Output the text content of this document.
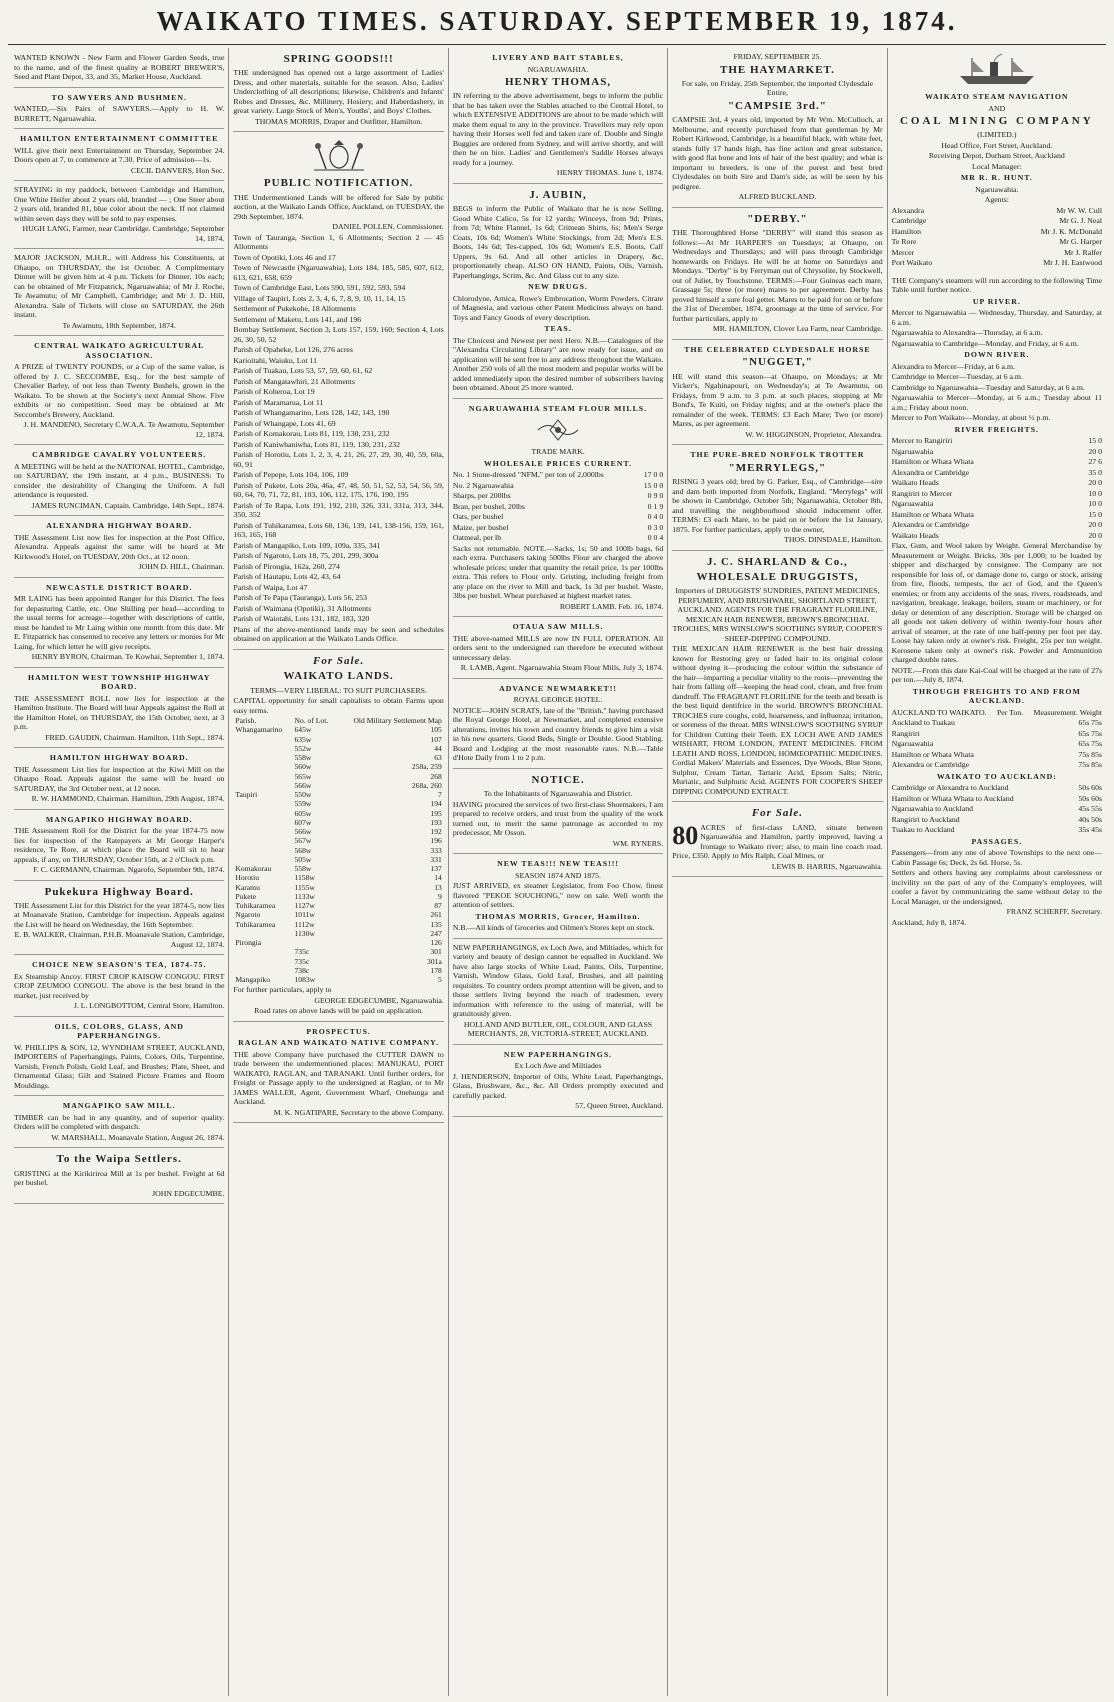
WAIKATO TIMES. SATURDAY. SEPTEMBER 19, 1874.
WANTED KNOWN - New Farm and Flower Garden Seeds, true to the name, and of the finest quality at ROBERT BREWER'S, Seed and Plant Depot, 33, and 35, Market House, Auckland.
TO SAWYERS AND BUSHMEN.
WANTED,—Six Pairs of SAWYERS.—Apply to H. W. BURRETT, Ngaruawahia.
HAMILTON ENTERTAINMENT COMMITTEE
WILL give their next Entertainment on Thursday, September 24. Doors open at 7, to commence at 7.30. Price of admission—1s.
CECIL DANVERS, Hon Sec.
STRAYING in my paddock, between Cambridge and Hamilton, One White Heifer about 2 years old, branded — ; One Steer about 2 years old, branded 81, blue color about the neck. If not claimed within seven days they will be sold to pay expenses.
HUGH LANG, Farmer, near Cambridge. Cambridge, September 14, 1874.
MAJOR JACKSON, M.H.R., will Address his Constituents, at Ohaupo, on THURSDAY, the 1st October. A Complimentary Dinner will be given him at 4 p.m. Tickets for Dinner, 10s each; can be obtained of Mr Fitzpatrick, Ngaruawahia; of Mr J. Roche, Te Awamutu; of Mr Campbell, Cambridge; and Mr J. D. Hill, Alexandra. Sale of Tickets will close on SATURDAY, the 26th instant.
Te Awamutu, 18th September, 1874.
CENTRAL WAIKATO AGRICULTURAL ASSOCIATION.
A PRIZE of TWENTY POUNDS, or a Cup of the same value, is offered by J. C. SECCOMBE, Esq., for the best sample of Chevalier Barley, of not less than Twenty Bushels, grown in the Waikato. To be shown at the Society's next Annual Show. Five exhibits or no competition. Seed may be obtained at Mr Seccombe's Brewery, Auckland.
J. H. MANDENO, Secretary C.W.A.A. Te Awamutu, September 12, 1874.
CAMBRIDGE CAVALRY VOLUNTEERS.
A MEETING will be held at the NATIONAL HOTEL, Cambridge, on SATURDAY, the 19th instant, at 4 p.m., BUSINESS: To consider the desirability of Changing the Uniform. A full attendance is requested.
JAMES RUNCIMAN, Captain. Cambridge, 14th Sept., 1874.
ALEXANDRA HIGHWAY BOARD.
THE Assessment List now lies for inspection at the Post Office, Alexandra. Appeals against the same will be heard at Mr Kirkwood's Hotel, on TUESDAY, 20th Oct., at 12 noon.
JOHN D. HILL, Chairman.
NEWCASTLE DISTRICT BOARD.
MR LAING has been appointed Ranger for this District. The fees for depasturing Cattle, etc. One Shilling per head—according to the usual terms for acreage—together with descriptions of cattle, must be handed to Mr Laing within one month from this date. Mr E. Fitzpatrick has consented to receive any letters or monies for Mr Laing, for which letter he will give receipts.
HENRY BYRON, Chairman. Te Kowhai, September 1, 1874.
HAMILTON WEST TOWNSHIP HIGHWAY BOARD.
THE ASSESSMENT ROLL now lies for inspection at the Hamilton Institute. The Board will hear Appeals against the Roll at the Hamilton Hotel, on THURSDAY, the 15th October, next, at 3 p.m.
FRED. GAUDIN, Chairman. Hamilton, 11th Sept., 1874.
HAMILTON HIGHWAY BOARD.
THE Assessment List lies for inspection at the Kiwi Mill on the Ohaupo Road. Appeals against the same will be heard on SATURDAY, the 3rd October next, at 12 noon.
R. W. HAMMOND, Chairman. Hamilton, 29th August, 1874.
MANGAPIKO HIGHWAY BOARD.
THE Assessment Roll for the District for the year 1874-75 now lies for inspection of the Ratepayers at Mr George Harper's residence, Te Rore, at which place the Board will sit to hear appeals, if any, on THURSDAY, October 15th, at 2 o'Clock p.m.
F. C. GERMANN, Chairman. Ngarofo, September 9th, 1874.
Pukekura Highway Board.
THE Assessment List for this District for the year 1874-5, now lies at Moanavale Station, Cambridge for inspection. Appeals against the List will be heard on Wednesday, the 16th September.
E. B. WALKER, Chairman, P.H.B. Moanavale Station, Cambridge, August 12, 1874.
CHOICE NEW SEASON'S TEA, 1874-75.
Ex Steamship Ancoy. FIRST CROP KAISOW CONGOU. FIRST CROP ZEUMOO CONGOU. The above is the best brand in the market, just received by
J. L. LONGBOTTOM, Central Store, Hamilton.
OILS, COLORS, GLASS, AND PAPERHANGINGS.
W. PHILLIPS & SON, 12, WYNDHAM STREET, AUCKLAND, IMPORTERS of Paperhangings, Paints, Colors, Oils, Turpentine, Varnish, French Polish, Gold Leaf, and Brushes; Plate, Sheet, and Ornamental Glass; Gilt and Stained Picture Frames and Room Mouldings.
MANGAPIKO SAW MILL.
TIMBER can be had in any quantity, and of superior quality. Orders will be completed with despatch.
W. MARSHALL. Moanavale Station, August 26, 1874.
To the Waipa Settlers.
GRISTING at the Kirikiriroa Mill at 1s per bushel. Freight at 6d per bushel.
JOHN EDGECUMBE.
SPRING GOODS!!!
THE undersigned has opened out a large assortment of Ladies' Dress, and other materials, suitable for the season. Also, Ladies' Underclothing of all descriptions; likewise, Children's and Infants' Robes and Dresses, &c. Millinery, Hosiery, and Haberdashery, in great variety. Large Stock of Men's, Youths', and Boys' Clothes.
THOMAS MORRIS, Draper and Outfitter, Hamilton.
PUBLIC NOTIFICATION.
THE Undermentioned Lands will be offered for Sale by public auction, at the Waikato Lands Office, Auckland, on TUESDAY, the 29th September, 1874.
DANIEL POLLEN, Commissioner.
Town of Tauranga, Section 1, 6 Allotments; Section 2 — 45 Allotments
Town of Opotiki, Lots 46 and 17
Town of Newcastle (Ngaruawahia), Lots 184, 185, 585, 607, 612, 613, 621, 658, 659
Town of Cambridge East, Lots 590, 591, 592, 593, 594
Village of Taupiri, Lots 2, 3, 4, 6, 7, 8, 9, 10, 11, 14, 15
Settlement of Pukekohe, 18 Allotments
Settlement of Maketu, Lots 141, and 196
Bombay Settlement, Section 3, Lots 157, 159, 160; Section 4, Lots 26, 30, 50, 52
Parish of Opaheke, Lot 126, 276 acres
Karioitahi, Waiuku, Lot 11
Parish of Tuakau, Lots 53, 57, 59, 60, 61, 62
Parish of Mangatawhiri, 21 Allotments
Parish of Koheroa, Lot 19
Parish of Maramarua, Lot 11
Parish of Whangamarino, Lots 128, 142, 143, 190
Parish of Whangape, Lots 41, 69
Parish of Komakorau, Lots 81, 119, 130, 231, 232
Parish of Kaniwhaniwha, Lots 81, 119, 130, 231, 232
Parish of Horotiu, Lots 1, 2, 3, 4, 21, 26, 27, 29, 30, 40, 59, 60a, 60, 91
Parish of Pepepe, Lots 104, 106, 109
Parish of Pukete, Lots 20a, 46a, 47, 48, 50, 51, 52, 53, 54, 56, 59, 60, 64, 70, 71, 72, 81, 103, 106, 112, 175, 176, 190, 195
Parish of Te Rapa, Lots 191, 192, 210, 326, 331, 331a, 313, 344, 350, 352
Parish of Tuhikaramea, Lots 60, 136, 139, 141, 138-156, 159, 161, 163, 165, 168
Parish of Mangapiko, Lots 109, 109a, 335, 341
Parish of Ngaroto, Lots 18, 75, 201, 299, 300a
Parish of Pirongia, 162a, 260, 274
Parish of Hautapu, Lots 42, 43, 64
Parish of Waipa, Lot 47
Parish of Te Papa (Tauranga), Lots 56, 253
Parish of Waimana (Opotiki), 31 Allotments
Parish of Waiotahi, Lots 131, 182, 183, 320
Plans of the above-mentioned lands may be seen and schedules obtained on application at the Waikato Lands Office.
For Sale.
WAIKATO LANDS.
TERMS—VERY LIBERAL: TO SUIT PURCHASERS.
CAPITAL opportunity for small capitalists to obtain Farms upon easy terms.
Parish.	No. of Lot.	Old Military Settlement Map
Whangamarino	645w	105
	635w	107
	552w	44
	558w	63
	560w	258a, 259
	565w	268
	566w	268a, 260
Taupiri	550w	7
	559w	194
	605w	195
	607w	193
	566w	192
	567w	196
	568w	333
	505w	331
Komakorau	558w	137
Horotiu	1158w	14
Karamu	1155w	13
Pukete	1133w	9
Tuhikaramea	1127w	87
Ngaroto	1011w	261
Tuhikaramea	1112w	135
	1130w	247
Pirongia		126
	735c	301
	735c	301a
	738c	178
Mangapiko	1083w	5
For further particulars, apply to
GEORGE EDGECUMBE, Ngaruawahia.
Road rates on above lands will be paid on application.
PROSPECTUS.
RAGLAN AND WAIKATO NATIVE COMPANY.
THE above Company have purchased the CUTTER DAWN to trade between the undermentioned places: MANUKAU, PORT WAIKATO, RAGLAN, and TARANAKI. Until further orders, for Freight or Passage apply to the undersigned at Raglan, or to Mr JAMES WALLER, Agent, Government Wharf, Onehunga and Auckland.
M. K. NGATIPARE, Secretary to the above Company.
LIVERY AND BAIT STABLES,
NGARUAWAHIA.
HENRY THOMAS,
IN referring to the above advertisement, begs to inform the public that he has taken over the Stables attached to the Central Hotel, to which EXTENSIVE ADDITIONS are about to be made which will make them equal to any in the province. Travellers may rely upon having their Horses well fed and taken care of. Double and Single Buggies are ordered from Sydney, and will arrive shortly, and will then be on hire. Ladies' and Gentlemen's Saddle Horses always ready for a journey.
HENRY THOMAS. June 1, 1874.
J. AUBIN,
BEGS to inform the Public of Waikato that he is now Selling, Good White Calico, 5s for 12 yards; Winceys, from 9d; Prints, from 7d; White Flannel, 1s 6d; Crimean Shirts, 6s; Men's Serge Coats, 10s 6d; Women's White Stockings, from 2d; Men's E.S. Boots, 14s 6d; Tes-capped, 10s 6d; Women's E.S. Boots, Calf Uppers, 9s 6d. And all other articles in Drapery, &c, proportionately cheap. ALSO ON HAND, Paints, Oils, Varnish, Paperhangings, Scrim, &c. And Glass cut to any size.
NEW DRUGS.
Chlorodyne, Arnica, Rowe's Embrocation, Worm Powders, Citrate of Magnesia, and various other Patent Medicines always on hand. Toys and Fancy Goods of every description.
TEAS.
The Choicest and Newest per next Hero. N.B.—Catalogues of the "Alexandra Circulating Library" are now ready for issue, and on application will be sent free to any address throughout the Waikato. Another 250 vols of all the most modern and popular works will be added immediately upon the desired number of subscribers having been obtained. About 25 more wanted.
NGARUAWAHIA STEAM FLOUR MILLS.
TRADE MARK.
WHOLESALE PRICES CURRENT.
No. 1 Stone-dressed "NFM," per ton of 2,000lbs	17 0 0
No. 2 Ngaruawahia	15 0 0
Sharps, per 200lbs	0 9 0
Bran, per bushel, 20lbs	0 1 9
Oats, per bushel	0 4 0
Maize, per bushel	0 3 0
Oatmeal, per lb	0 0 4
Sacks not returnable. NOTE.—Sacks, 1s; 50 and 100lb bags, 6d each extra. Purchasers taking 500lbs Flour are charged the above wholesale prices; under that quantity the retail price, 1s per 100lbs extra. This refers to Flour only. Gristing, including freight from any place on the river to Mill and back, 1s 3d per bushel. Waste, 3lbs per bushel. Wheat purchased at highest market rates.
ROBERT LAMB. Feb. 16, 1874.
OTAUA SAW MILLS.
THE above-named MILLS are now IN FULL OPERATION. All orders sent to the undersigned can therefore be executed without unnecessary delay.
R. LAMB, Agent. Ngaruawahia Steam Flour Mills, July 3, 1874.
ADVANCE NEWMARKET!!
ROYAL GEORGE HOTEL.
NOTICE—JOHN SCRATS, late of the "British," having purchased the Royal George Hotel, at Newmarket, and completed extensive alterations, invites his town and country friends to give him a visit in his new quarters. Good Beds, Single or Double. Good Stabling. Board and Lodging at the most reasonable rates. N.B.—Table d'Hote Daily from 1 to 2 p.m.
NOTICE.
To the Inhabitants of Ngaruawahia and District.
HAVING procured the services of two first-class Shoemakers, I am prepared to receive orders, and trust from the quality of the work turned out, to merit the same patronage as accorded to my predecessor, Mr Osson.
WM. RYNERS.
NEW TEAS!!! NEW TEAS!!!
SEASON 1874 AND 1875.
JUST ARRIVED, ex steamer Legislator, from Foo Chow, finest flavored "PEKOE SOUCHONG," now on sale. Well worth the attention of settlers.
THOMAS MORRIS, Grocer, Hamilton.
N.B.—All kinds of Groceries and Oilmen's Stores kept on stock.
NEW PAPERHANGINGS, ex Loch Awe, and Miltiades, which for variety and beauty of design cannot be equalled in Auckland. We have also large stocks of White Lead, Paints, Oils, Turpentine, Varnish, Window Glass, Gold Leaf, Brushes, and all painting requisites. To country orders prompt attention will be given, and to those settlers living beyond the reach of tradesmen, every information with reference to the using of material, will be gratuitously given.
HOLLAND AND BUTLER, OIL, COLOUR, AND GLASS MERCHANTS, 28, VICTORIA-STREET, AUCKLAND.
NEW PAPERHANGINGS.
Ex Loch Awe and Miltiades
J. HENDERSON, Importer of Oils, White Lead, Paperhangings, Glass, Brushware, &c., &c. All Orders promptly executed and carefully packed.
57, Queen Street, Auckland.
FRIDAY, SEPTEMBER 25.
THE HAYMARKET.
For sale, on Friday, 25th September, the imported Clydesdale Entire,
"CAMPSIE 3rd."
CAMPSIE 3rd, 4 years old, imported by Mr Wm. McCulloch, at Melbourne, and recently purchased from that gentleman by Mr Robert Kirkwood, Cambridge, is a beautiful black, with white feet, stands fully 17 hands high, has fine action and great substance, with good flat bone and lots of hair of the best quality; and what is important to breeders, is one of the purest and best bred Clydesdales on both Sire and Dam's side, as will be seen by his pedigree.
ALFRED BUCKLAND.
"DERBY."
THE Thoroughbred Horse "DERBY" will stand this season as follows:—At Mr HARPER'S on Tuesdays; at Ohaupo, on Wednesdays and Thursdays; and will pass through Cambridge homewards on Fridays. He will be at home on Saturdays and Mondays. "Derby" is by Ferryman out of Chrysolite, by Stockwell, out of Juliet, by Touchstone. TERMS:—Four Guineas each mare, Grassage 5s; three (or more) mares to per agreement. Derby has proved himself a sure foal getter. Mares to be paid for on or before the 31st of December, 1874, groomage at the time of service. For further particulars, apply to
MR. HAMILTON, Clover Lea Farm, near Cambridge.
THE CELEBRATED CLYDESDALE HORSE
"NUGGET,"
HE will stand this season—at Ohaupo, on Mondays; at Mr Vicker's, Ngahinapouri, on Wednesday's; at Te Awamutu, on Fridays, from 9 a.m. to 3 p.m. at such places, stopping at Mr Bond's, Te Kuiti, on Friday nights; and at the owner's place the remainder of the week. TERMS: £3 Each Mare; Two (or more) Mares, as per agreement.
W. W. HIGGINSON, Proprietor, Alexandra.
THE PURE-BRED NORFOLK TROTTER
"MERRYLEGS,"
RISING 3 years old; bred by G. Parker, Esq., of Cambridge—sire and dam both imported from Norfolk, England. "Merrylegs" will be shown in Cambridge, October 5th; Ngaruawahia, October 8th, and travelling the neighbourhood should inducement offer. TERMS: £3 each Mare, to be paid on or before the 1st January, 1875. For further particulars, apply to the owner,
THOS. DINSDALE, Hamilton.
J. C. SHARLAND & Co.,
WHOLESALE DRUGGISTS,
Importers of DRUGGISTS' SUNDRIES, PATENT MEDICINES, PERFUMERY, AND BRUSHWARE, SHORTLAND STREET, AUCKLAND. AGENTS FOR THE FRAGRANT FLORILINE, MEXICAN HAIR RENEWER, BROWN'S BRONCHIAL TROCHES, MRS WINSLOW'S SOOTHING SYRUP, COOPER'S SHEEP-DIPPING COMPOUND.
THE MEXICAN HAIR RENEWER is the best hair dressing known for Restoring grey or faded hair to its original colour without dyeing it—producing the colour within the substance of the hair—imparting a peculiar vitality to the roots—preventing the hair from falling off—keeping the head cool, clean, and free from dandruff. The FRAGRANT FLORILINE for the teeth and breath is the best liquid dentifrice in the world. BROWN'S BRONCHIAL TROCHES cure coughs, cold, hoarseness, and influenza; irritation, or soreness of the throat. MRS WINSLOW'S SOOTHING SYRUP for Children Cutting their Teeth. EX LOCH AWE AND JAMES WISHART, FROM LONDON, PATENT MEDICINES. FROM LEATH AND ROSS, LONDON, HOMŒOPATHIC MEDICINES. Cordial Makers' Materials and Essences, Dye Woods, Blue Stone, Sulphur, Cream Tartar, Tartaric Acid, Epsom Salts; Nitric, Muriatic, and Sulphuric Acid. AGENTS FOR COOPER'S SHEEP DIPPING COMPOUND EXTRACT.
For Sale.
80 ACRES of first-class LAND, situate between Ngaruawahia and Hamilton, partly improved, having a frontage to Waikato river; also, to main line coach road. Price, £350. Apply to Mrs Ralph, Coal Mines, or
LEWIS B. HARRIS, Ngaruawahia.
WAIKATO STEAM NAVIGATION
AND
COAL MINING COMPANY
(LIMITED.)
Head Office, Fort Street, Auckland.
Receiving Depot, Durham Street, Auckland
Local Manager:
MR R. R. HUNT.
Ngaruawahia.
Agents:
Alexandra	Mr W. W. Cull
Cambridge	Mr G. J. Neal
Hamilton	Mr J. K. McDonald
Te Rore	Mr G. Harper
Mercer	Mr J. Ralfer
Port Waikato	Mr J. H. Eastwood
THE Company's steamers will run according to the following Time Table until further notice.
UP RIVER.
Mercer to Ngaruawahia — Wednesday, Thursday, and Saturday, at 6 a.m.
Ngaruawahia to Alexandra—Thursday, at 6 a.m.
Ngaruawahia to Cambridge—Monday, and Friday, at 6 a.m.
DOWN RIVER.
Alexandra to Mercer—Friday, at 6 a.m.
Cambridge to Mercer—Tuesday, at 6 a.m.
Cambridge to Ngaruawahia—Tuesday and Saturday, at 6 a.m.
Ngaruawahia to Mercer—Monday, at 6 a.m.; Tuesday about 11 a.m.; Friday about noon.
Mercer to Port Waikato—Monday, at about ½ p.m.
RIVER FREIGHTS.
Mercer to Rangiriri	15 0
Ngaruawahia	20 0
Hamilton or Whata Whata	27 6
Alexandra or Cambridge	35 0
Waikato Heads	20 0
Rangiriri to Mercer	10 0
Ngaruawahia	10 0
Hamilton or Whata Whata	15 0
Alexandra or Cambridge	20 0
Waikato Heads	20 0
Flax, Gum, and Wool taken by Weight. General Merchandise by Measurement or Weight. Bricks, 30s per 1,000; to be loaded by shipper and discharged by consignee. The Company are not responsible for loss of, or damage done to, cargo or stock, arising from fire, floods, tempests, the act of God, and the Queen's enemies; or from any accidents of the seas, rivers, roadsteads, and navigation, breakage, leakage, boilers, steam or machinery, or for delay or detention of any description. Storage will be charged on all goods not taken delivery of within twenty-four hours after arrival of steamer, at the rate of one half-penny per foot per day. Loose hay taken only at owner's risk. Freight, 25s per ton weight. Kerosene taken only at owner's risk. Powder and Ammunition charged double rates.
NOTE.—From this date Kai-Coal will be charged at the rate of 27s per ton.—July 8, 1874.
THROUGH FREIGHTS TO AND FROM AUCKLAND.
AUCKLAND TO WAIKATO. Per Ton. Measurement. Weight
Auckland to Tuakau	65s 75s
Rangiriri	65s 75s
Ngaruawahia	65s 75s
Hamilton or Whata Whata	75s 85s
Alexandra or Cambridge	75s 85s
WAIKATO TO AUCKLAND:
Cambridge or Alexandra to Auckland	50s 60s
Hamilton or Whata Whata to Auckland	50s 60s
Ngaruawahia to Auckland	45s 55s
Rangiriri to Auckland	40s 50s
Tuakau to Auckland	35s 45s
PASSAGES.
Passengers—from any one of above Townships to the next one—Cabin Passage 6s; Deck, 2s 6d. Horse, 5s.
Settlers and others having any complaints about carelessness or incivility on the part of any of the Company's employees, will confer a favor by communicating the same without delay to the Local Manager, or the undersigned,
FRANZ SCHERFF, Secretary.
Auckland, July 8, 1874.
